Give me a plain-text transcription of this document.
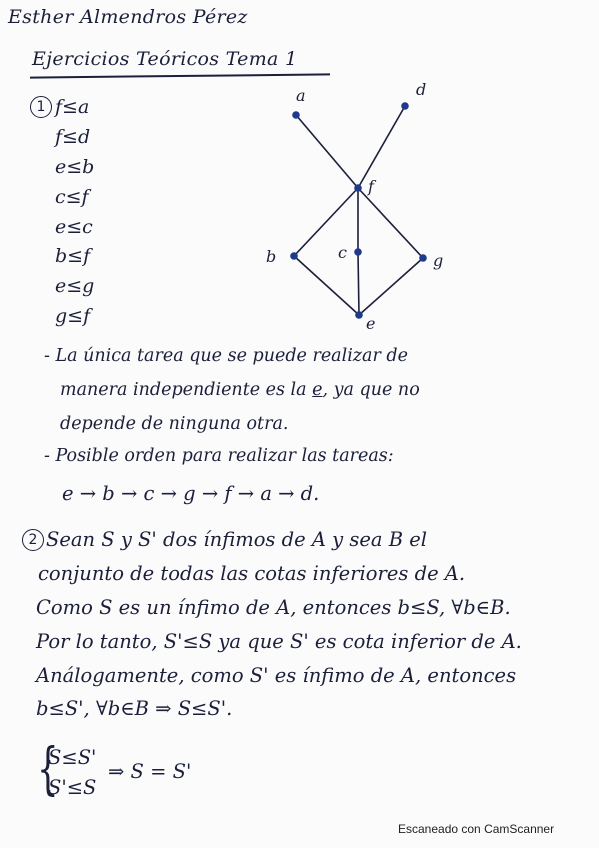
Esther Almendros Pérez
Ejercicios Teóricos Tema 1
1 f≤a
f≤d
e≤b
c≤f
e≤c
b≤f
e≤g
g≤f
a	d
f
b	c	g
e
- La única tarea que se puede realizar de
manera independiente es la e, ya que no
depende de ninguna otra.
- Posible orden para realizar las tareas:
e → b → c → g → f → a → d.
2 Sean S y S' dos ínfimos de A y sea B el
conjunto de todas las cotas inferiores de A.
Como S es un ínfimo de A, entonces b≤S, ∀b∈B.
Por lo tanto, S'≤S ya que S' es cota inferior de A.
Análogamente, como S' es ínfimo de A, entonces
b≤S', ∀b∈B ⇒ S≤S'.
{
S≤S'
S'≤S
⇒ S = S'
Escaneado con CamScanner
